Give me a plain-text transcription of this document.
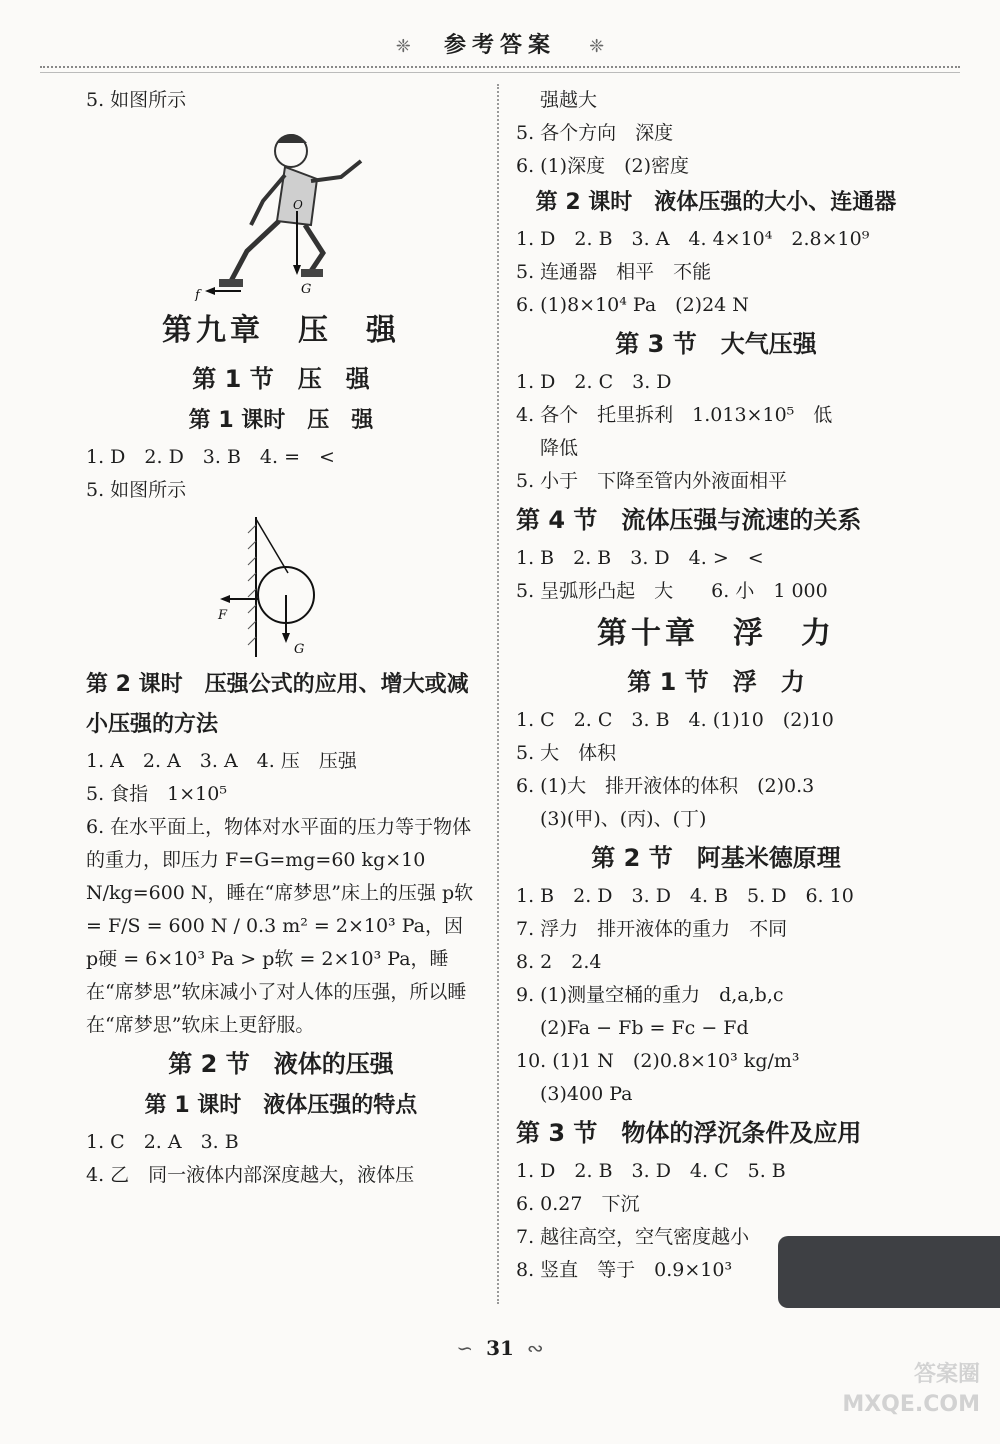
❈ 参考答案 ❈
5. 如图所示
O
G
f
第九章　压　强
第 1 节　压　强
第 1 课时　压　强
1. D　2. D　3. B　4. =　<
5. 如图所示
F
G
第 2 课时　压强公式的应用、增大或减小压强的方法
1. A　2. A　3. A　4. 压　压强
5. 食指　1×10⁵
6. 在水平面上，物体对水平面的压力等于物体的重力，即压力 F=G=mg=60 kg×10 N/kg=600 N，睡在“席梦思”床上的压强 p软 = F/S = 600 N / 0.3 m² = 2×10³ Pa，因 p硬 = 6×10³ Pa > p软 = 2×10³ Pa，睡在“席梦思”软床减小了对人体的压强，所以睡在“席梦思”软床上更舒服。
第 2 节　液体的压强
第 1 课时　液体压强的特点
1. C　2. A　3. B
4. 乙　同一液体内部深度越大，液体压
强越大
5. 各个方向　深度
6. (1)深度　(2)密度
第 2 课时　液体压强的大小、连通器
1. D　2. B　3. A　4. 4×10⁴　2.8×10⁹
5. 连通器　相平　不能
6. (1)8×10⁴ Pa　(2)24 N
第 3 节　大气压强
1. D　2. C　3. D
4. 各个　托里拆利　1.013×10⁵　低
降低
5. 小于　下降至管内外液面相平
第 4 节　流体压强与流速的关系
1. B　2. B　3. D　4. >　<
5. 呈弧形凸起　大　　6. 小　1 000
第十章　浮　力
第 1 节　浮　力
1. C　2. C　3. B　4. (1)10　(2)10
5. 大　体积
6. (1)大　排开液体的体积　(2)0.3
(3)(甲)、(丙)、(丁)
第 2 节　阿基米德原理
1. B　2. D　3. D　4. B　5. D　6. 10
7. 浮力　排开液体的重力　不同
8. 2　2.4
9. (1)测量空桶的重力　d,a,b,c
(2)Fa − Fb = Fc − Fd
10. (1)1 N　(2)0.8×10³ kg/m³
(3)400 Pa
第 3 节　物体的浮沉条件及应用
1. D　2. B　3. D　4. C　5. B
6. 0.27　下沉
7. 越往高空，空气密度越小
8. 竖直　等于　0.9×10³
∽ 31 ∾
答案圈
MXQE.COM
